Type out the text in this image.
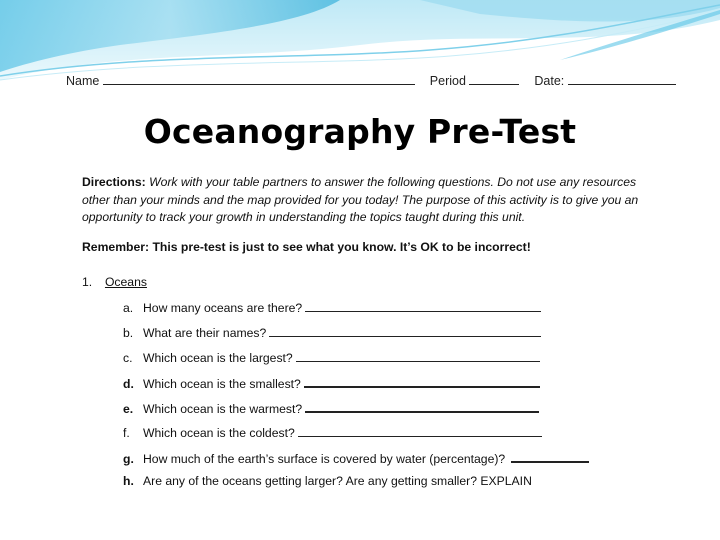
Name	Period	Date:
Oceanography Pre-Test
Directions: Work with your table partners to answer the following questions. Do not use any resources other than your minds and the map provided for you today! The purpose of this activity is to give you an opportunity to track your growth in understanding the topics taught during this unit.
Remember: This pre-test is just to see what you know. It’s OK to be incorrect!
1. Oceans
a. How many oceans are there?
b. What are their names?
c. Which ocean is the largest?
d. Which ocean is the smallest?
e. Which ocean is the warmest?
f. Which ocean is the coldest?
g. How much of the earth’s surface is covered by water (percentage)?
h. Are any of the oceans getting larger? Are any getting smaller? EXPLAIN
